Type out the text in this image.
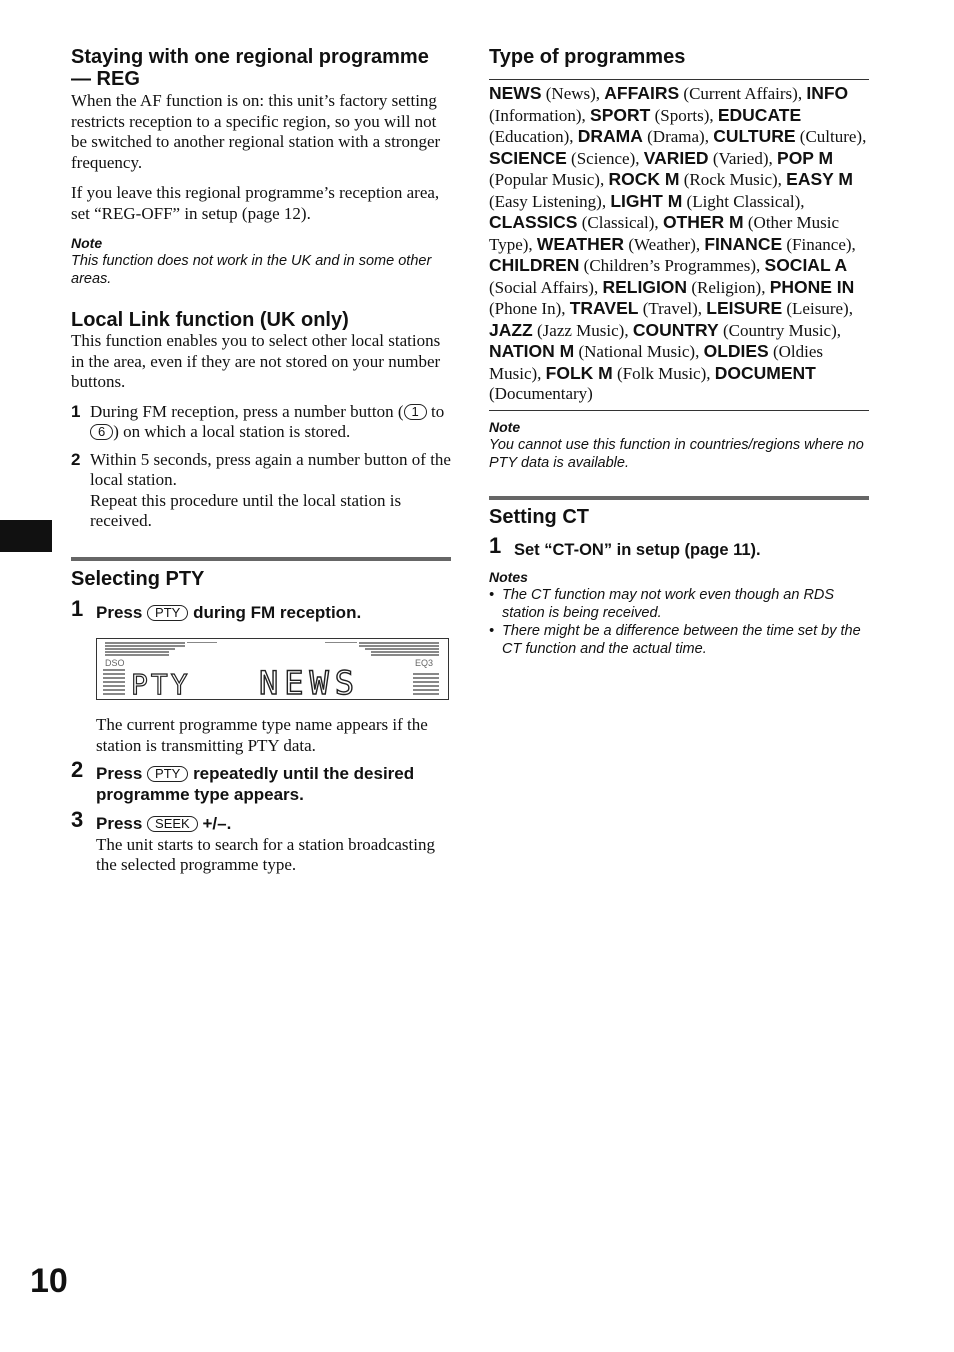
Staying with one regional programme — REG

When the AF function is on: this unit’s factory setting restricts reception to a specific region, so you will not be switched to another regional station with a stronger frequency.

If you leave this regional programme’s reception area, set “REG-OFF” in setup (page 12).

Note
This function does not work in the UK and in some other areas.
Local Link function (UK only)

This function enables you to select other local stations in the area, even if they are not stored on your number buttons.

1 During FM reception, press a number button ( 1 to 6 ) on which a local station is stored.
2 Within 5 seconds, press again a number button of the local station.
Repeat this procedure until the local station is received.
Selecting PTY
1 Press PTY during FM reception.
DSO	EQ3
PTY NEWS

The current programme type name appears if the station is transmitting PTY data.

2 Press PTY repeatedly until the desired programme type appears.
3 Press SEEK +/–.

The unit starts to search for a station broadcasting the selected programme type.

Type of programmes

NEWS (News), AFFAIRS (Current Affairs), INFO (Information), SPORT (Sports), EDUCATE (Education), DRAMA (Drama), CULTURE (Culture), SCIENCE (Science), VARIED (Varied), POP M (Popular Music), ROCK M (Rock Music), EASY M (Easy Listening), LIGHT M (Light Classical), CLASSICS (Classical), OTHER M (Other Music Type), WEATHER (Weather), FINANCE (Finance), CHILDREN (Children’s Programmes), SOCIAL A (Social Affairs), RELIGION (Religion), PHONE IN (Phone In), TRAVEL (Travel), LEISURE (Leisure), JAZZ (Jazz Music), COUNTRY (Country Music), NATION M (National Music), OLDIES (Oldies Music), FOLK M (Folk Music), DOCUMENT (Documentary)

Note
You cannot use this function in countries/regions where no PTY data is available.
Setting CT
1 Set “CT-ON” in setup (page 11).
Notes
• The CT function may not work even though an RDS station is being received.
• There might be a difference between the time set by the CT function and the actual time.
10
